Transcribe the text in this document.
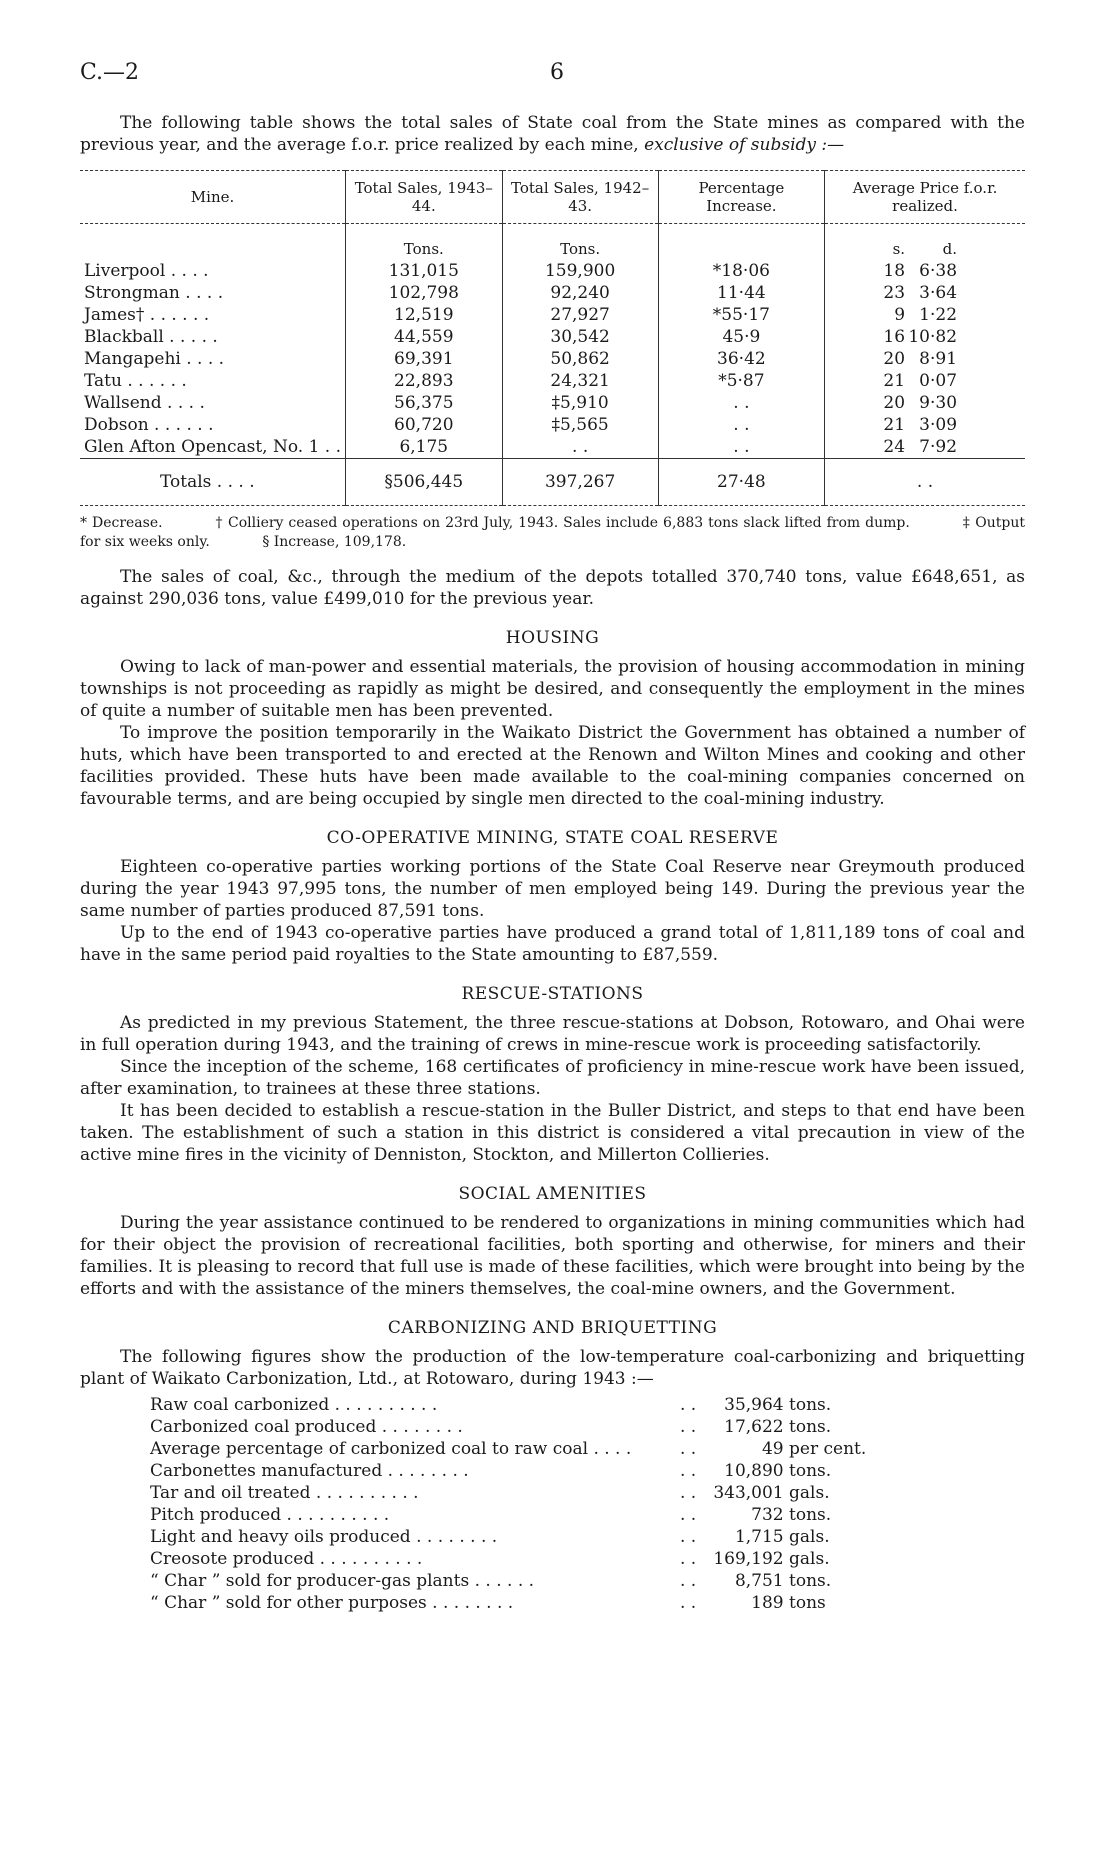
C.—2	6

The following table shows the total sales of State coal from the State mines as compared with the previous year, and the average f.o.r. price realized by each mine, exclusive of subsidy :—

Mine.	Total Sales, 1943–44.	Total Sales, 1942–43.	Percentage Increase.	Average Price f.o.r. realized.
	Tons.	Tons.		s. d.
Liverpool . . . .	131,015	159,900	*18·06	18 6·38
Strongman . . . .	102,798	92,240	11·44	23 3·64
James† . . . . . .	12,519	27,927	*55·17	9 1·22
Blackball . . . . .	44,559	30,542	45·9	16 10·82
Mangapehi . . . .	69,391	50,862	36·42	20 8·91
Tatu . . . . . .	22,893	24,321	*5·87	21 0·07
Wallsend . . . .	56,375	‡5,910	. .	20 9·30
Dobson . . . . . .	60,720	‡5,565	. .	21 3·09
Glen Afton Opencast, No. 1 . .	6,175	. .	. .	24 7·92
Totals . . . .	§506,445	397,267	27·48	. .
* Decrease.	† Colliery ceased operations on 23rd July, 1943. Sales include 6,883 tons slack lifted from dump.	‡ Output for six weeks only.	§ Increase, 109,178.

The sales of coal, &c., through the medium of the depots totalled 370,740 tons, value £648,651, as against 290,036 tons, value £499,010 for the previous year.

HOUSING

Owing to lack of man-power and essential materials, the provision of housing accommodation in mining townships is not proceeding as rapidly as might be desired, and consequently the employment in the mines of quite a number of suitable men has been prevented.

To improve the position temporarily in the Waikato District the Government has obtained a number of huts, which have been transported to and erected at the Renown and Wilton Mines and cooking and other facilities provided. These huts have been made available to the coal-mining companies concerned on favourable terms, and are being occupied by single men directed to the coal-mining industry.

CO-OPERATIVE MINING, STATE COAL RESERVE

Eighteen co-operative parties working portions of the State Coal Reserve near Greymouth produced during the year 1943 97,995 tons, the number of men employed being 149. During the previous year the same number of parties produced 87,591 tons.

Up to the end of 1943 co-operative parties have produced a grand total of 1,811,189 tons of coal and have in the same period paid royalties to the State amounting to £87,559.

RESCUE-STATIONS

As predicted in my previous Statement, the three rescue-stations at Dobson, Rotowaro, and Ohai were in full operation during 1943, and the training of crews in mine-rescue work is proceeding satisfactorily.

Since the inception of the scheme, 168 certificates of proficiency in mine-rescue work have been issued, after examination, to trainees at these three stations.

It has been decided to establish a rescue-station in the Buller District, and steps to that end have been taken. The establishment of such a station in this district is considered a vital precaution in view of the active mine fires in the vicinity of Denniston, Stockton, and Millerton Collieries.

SOCIAL AMENITIES

During the year assistance continued to be rendered to organizations in mining communities which had for their object the provision of recreational facilities, both sporting and otherwise, for miners and their families. It is pleasing to record that full use is made of these facilities, which were brought into being by the efforts and with the assistance of the miners themselves, the coal-mine owners, and the Government.

CARBONIZING AND BRIQUETTING

The following figures show the production of the low-temperature coal-carbonizing and briquetting plant of Waikato Carbonization, Ltd., at Rotowaro, during 1943 :—

Raw coal carbonized . . . . . . . . . .	. . 35,964 tons.
Carbonized coal produced . . . . . . . .	. . 17,622 tons.
Average percentage of carbonized coal to raw coal . . . .	. .	49 per cent.
Carbonettes manufactured . . . . . . . .	. . 10,890 tons.
Tar and oil treated . . . . . . . . . .	. . 343,001 gals.
Pitch produced . . . . . . . . . .	. .	732 tons.
Light and heavy oils produced . . . . . . . .	. . 1,715 gals.
Creosote produced . . . . . . . . . .	. . 169,192 gals.
“ Char ” sold for producer-gas plants . . . . . .	. . 8,751 tons.
“ Char ” sold for other purposes . . . . . . . .	. .	189 tons
